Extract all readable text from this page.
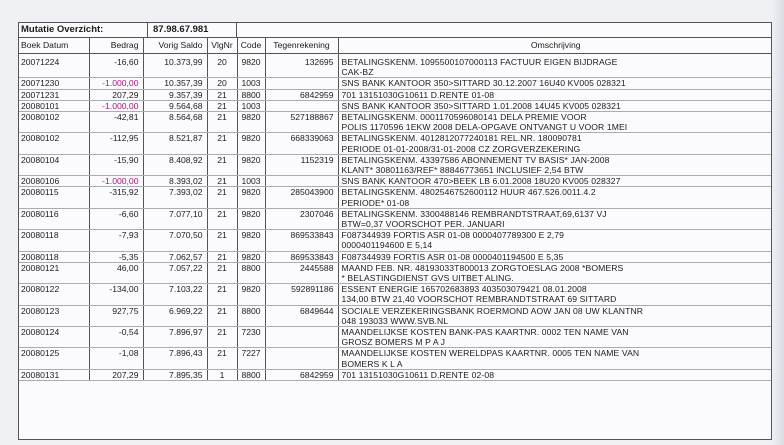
Mutatie Overzicht:	87.98.67.981
Boek Datum	Bedrag	Vorig Saldo	VlgNr	Code	Tegenrekening	Omschrijving

20071224	-16,60	10.373,99	20	9820	132695	BETALINGSKENM. 1095500107000113 FACTUUR EIGEN BIJDRAGE
CAK-BZ

20071230	-1.000,00	10.357,39	20	1003		SNS BANK KANTOOR 350>SITTARD 30.12.2007 16U40 KV005 028321

20071231	207,29	9.357,39	21	8800	6842959	701 13151030G10611 D.RENTE 01-08

20080101	-1.000,00	9.564,68	21	1003		SNS BANK KANTOOR 350>SITTARD 1.01.2008 14U45 KV005 028321

20080102	-42,81	8.564,68	21	9820	527188867	BETALINGSKENM. 0001170596080141 DELA PREMIE VOOR
POLIS 1170596 1EKW 2008 DELA-OPGAVE ONTVANGT U VOOR 1MEI

20080102	-112,95	8.521,87	21	9820	668339063	BETALINGSKENM. 4012812077240181 REL.NR. 180090781
PERIODE 01-01-2008/31-01-2008 CZ ZORGVERZEKERING

20080104	-15,90	8.408,92	21	9820	1152319	BETALINGSKENM. 43397586 ABONNEMENT TV BASIS* JAN-2008
KLANT* 30801163/REF* 88846773651 INCLUSIEF 2,54 BTW

20080106	-1.000,00	8.393,02	21	1003		SNS BANK KANTOOR 470>BEEK LB 6.01.2008 18U20 KV005 028327

20080115	-315,92	7.393,02	21	9820	285043900	BETALINGSKENM. 4802546752600112 HUUR 467.526.0011.4.2
PERIODE* 01-08

20080116	-6,60	7.077,10	21	9820	2307046	BETALINGSKENM. 3300488146 REMBRANDTSTRAAT,69,6137 VJ
BTW=0,37 VOORSCHOT PER. JANUARI

20080118	-7,93	7.070,50	21	9820	869533843	F087344939 FORTIS ASR 01-08 0000407789300 E 2,79
0000401194600 E 5,14

20080118	-5,35	7.062,57	21	9820	869533843	F087344939 FORTIS ASR 01-08 0000401194500 E 5,35

20080121	46,00	7.057,22	21	8800	2445588	MAAND FEB. NR. 48193033T800013 ZORGTOESLAG 2008 *BOMERS
* BELASTINGDIENST GVS UITBET ALING.

20080122	-134,00	7.103,22	21	9820	592891186	ESSENT ENERGIE 165702683893 403503079421 08.01.2008
134,00 BTW 21,40 VOORSCHOT REMBRANDTSTRAAT 69 SITTARD

20080123	927,75	6.969,22	21	8800	6849644	SOCIALE VERZEKERINGSBANK ROERMOND AOW JAN 08 UW KLANTNR
048 193033 WWW.SVB.NL

20080124	-0,54	7.896,97	21	7230		MAANDELIJKSE KOSTEN BANK-PAS KAARTNR. 0002 TEN NAME VAN
GROSZ BOMERS M P A J

20080125	-1,08	7.896,43	21	7227		MAANDELIJKSE KOSTEN WERELDPAS KAARTNR. 0005 TEN NAME VAN
BOMERS K L A

20080131	207,29	7.895,35	1	8800	6842959	701 13151030G10611 D.RENTE 02-08
